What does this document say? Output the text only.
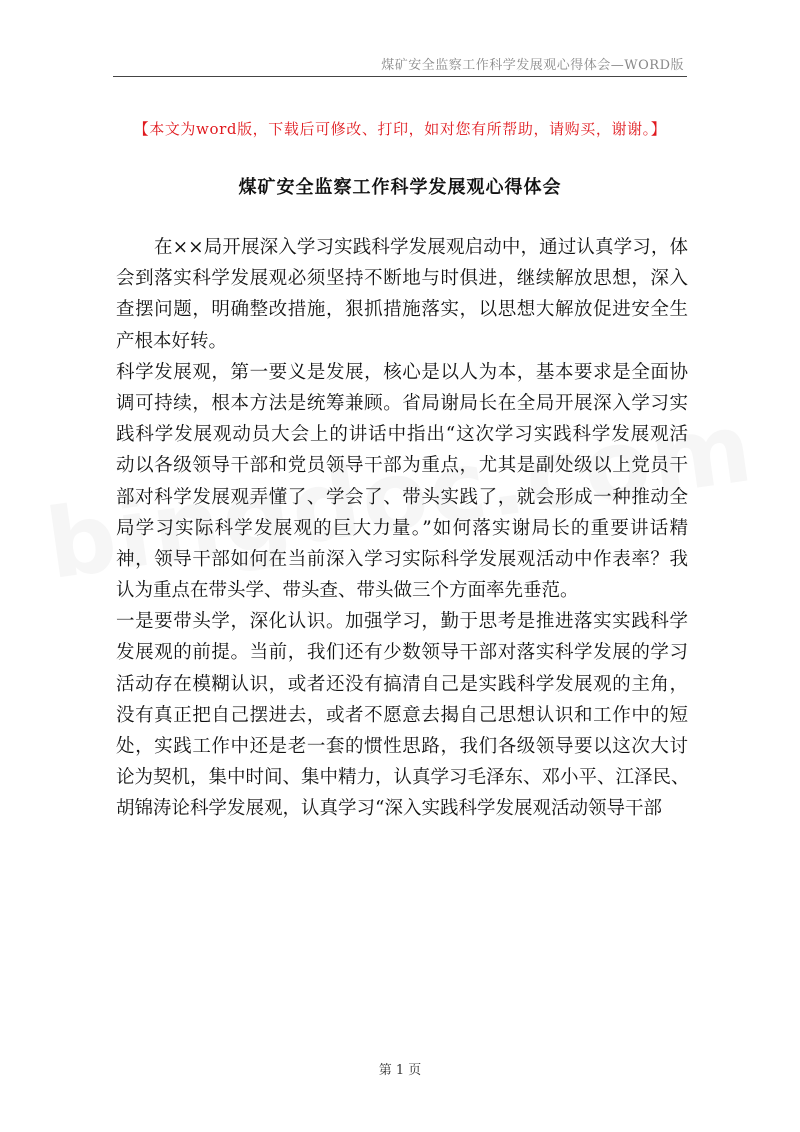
煤矿安全监察工作科学发展观心得体会—WORD版
【本文为word版，下载后可修改、打印，如对您有所帮助，请购买，谢谢。】
煤矿安全监察工作科学发展观心得体会
在××局开展深入学习实践科学发展观启动中，通过认真学习，体
会到落实科学发展观必须坚持不断地与时俱进，继续解放思想，深入
查摆问题，明确整改措施，狠抓措施落实，以思想大解放促进安全生
产根本好转。
科学发展观，第一要义是发展，核心是以人为本，基本要求是全面协
调可持续，根本方法是统筹兼顾。省局谢局长在全局开展深入学习实
践科学发展观动员大会上的讲话中指出“这次学习实践科学发展观活
动以各级领导干部和党员领导干部为重点，尤其是副处级以上党员干
部对科学发展观弄懂了、学会了、带头实践了，就会形成一种推动全
局学习实际科学发展观的巨大力量。”如何落实谢局长的重要讲话精
神，领导干部如何在当前深入学习实际科学发展观活动中作表率？我
认为重点在带头学、带头查、带头做三个方面率先垂范。
一是要带头学，深化认识。加强学习，勤于思考是推进落实实践科学
发展观的前提。当前，我们还有少数领导干部对落实科学发展的学习
活动存在模糊认识，或者还没有搞清自己是实践科学发展观的主角，
没有真正把自己摆进去，或者不愿意去揭自己思想认识和工作中的短
处，实践工作中还是老一套的惯性思路，我们各级领导要以这次大讨
论为契机，集中时间、集中精力，认真学习毛泽东、邓小平、江泽民、
胡锦涛论科学发展观，认真学习“深入实践科学发展观活动领导干部
第 1 页
